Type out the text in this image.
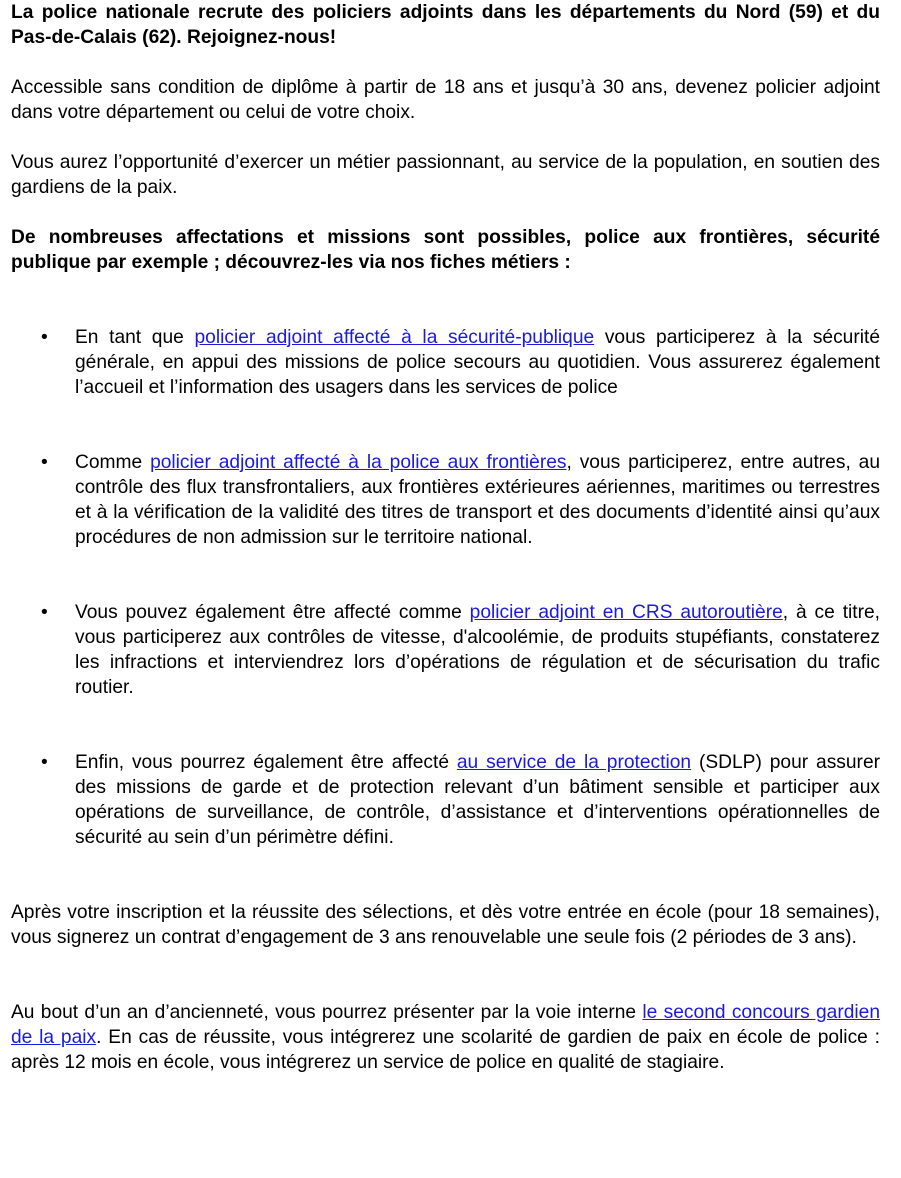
La police nationale recrute des policiers adjoints dans les départements du Nord (59) et du Pas-de-Calais (62). Rejoignez-nous!

Accessible sans condition de diplôme à partir de 18 ans et jusqu’à 30 ans, devenez policier adjoint dans votre département ou celui de votre choix.

Vous aurez l’opportunité d’exercer un métier passionnant, au service de la population, en soutien des gardiens de la paix.

De nombreuses affectations et missions sont possibles, police aux frontières, sécurité publique par exemple ; découvrez-les via nos fiches métiers :

• En tant que policier adjoint affecté à la sécurité-publique vous participerez à la sécurité générale, en appui des missions de police secours au quotidien. Vous assurerez également l’accueil et l’information des usagers dans les services de police
• Comme policier adjoint affecté à la police aux frontières, vous participerez, entre autres, au contrôle des flux transfrontaliers, aux frontières extérieures aériennes, maritimes ou terrestres et à la vérification de la validité des titres de transport et des documents d’identité ainsi qu’aux procédures de non admission sur le territoire national.
• Vous pouvez également être affecté comme policier adjoint en CRS autoroutière, à ce titre, vous participerez aux contrôles de vitesse, d'alcoolémie, de produits stupéfiants, constaterez les infractions et interviendrez lors d’opérations de régulation et de sécurisation du trafic routier.
• Enfin, vous pourrez également être affecté au service de la protection (SDLP) pour assurer des missions de garde et de protection relevant d’un bâtiment sensible et participer aux opérations de surveillance, de contrôle, d’assistance et d’interventions opérationnelles de sécurité au sein d’un périmètre défini.

Après votre inscription et la réussite des sélections, et dès votre entrée en école (pour 18 semaines), vous signerez un contrat d’engagement de 3 ans renouvelable une seule fois (2 périodes de 3 ans).

Au bout d’un an d’ancienneté, vous pourrez présenter par la voie interne le second concours gardien de la paix. En cas de réussite, vous intégrerez une scolarité de gardien de paix en école de police : après 12 mois en école, vous intégrerez un service de police en qualité de stagiaire.
